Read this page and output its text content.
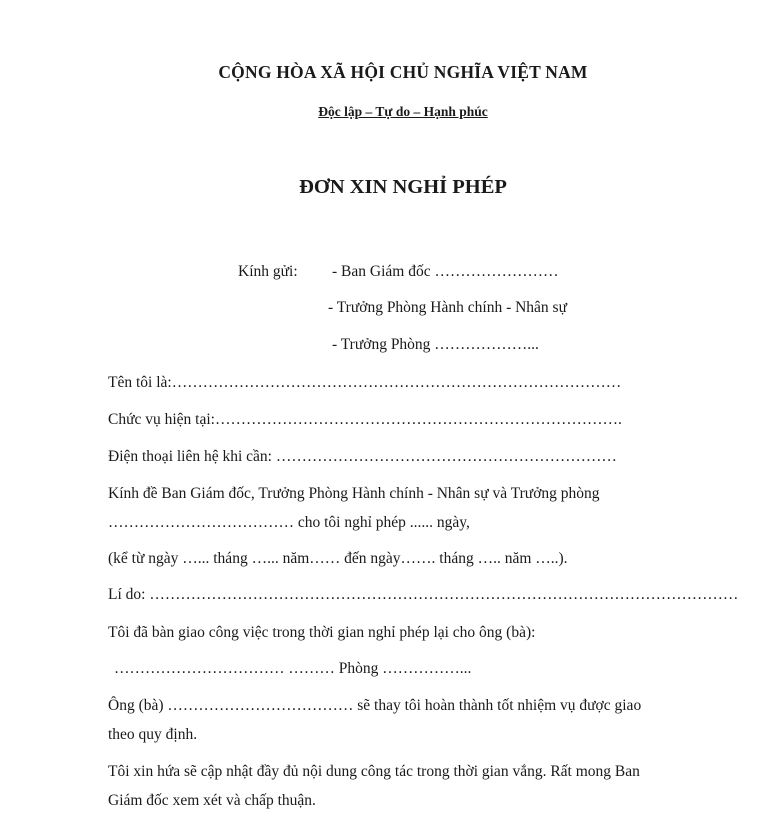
CỘNG HÒA XÃ HỘI CHỦ NGHĨA VIỆT NAM
Độc lập – Tự do – Hạnh phúc
ĐƠN XIN NGHỈ PHÉP
Kính gửi: - Ban Giám đốc ……………………
- Trưởng Phòng Hành chính - Nhân sự
- Trưởng Phòng ………………...
Tên tôi là:……………………………………………………………………………
Chức vụ hiện tại:…………………………………………………………………….
Điện thoại liên hệ khi cần: …………………………………………………………
Kính đề Ban Giám đốc, Trưởng Phòng Hành chính - Nhân sự và Trưởng phòng
……………………………… cho tôi nghỉ phép ...... ngày,
(kể từ ngày …... tháng …... năm…… đến ngày……. tháng ….. năm …..).
Lí do: ……………………………………………………………………………………………………
Tôi đã bàn giao công việc trong thời gian nghỉ phép lại cho ông (bà):
…………………………… ……… Phòng ……………...
Ông (bà) ……………………………… sẽ thay tôi hoàn thành tốt nhiệm vụ được giao
theo quy định.
Tôi xin hứa sẽ cập nhật đầy đủ nội dung công tác trong thời gian vắng. Rất mong Ban
Giám đốc xem xét và chấp thuận.
